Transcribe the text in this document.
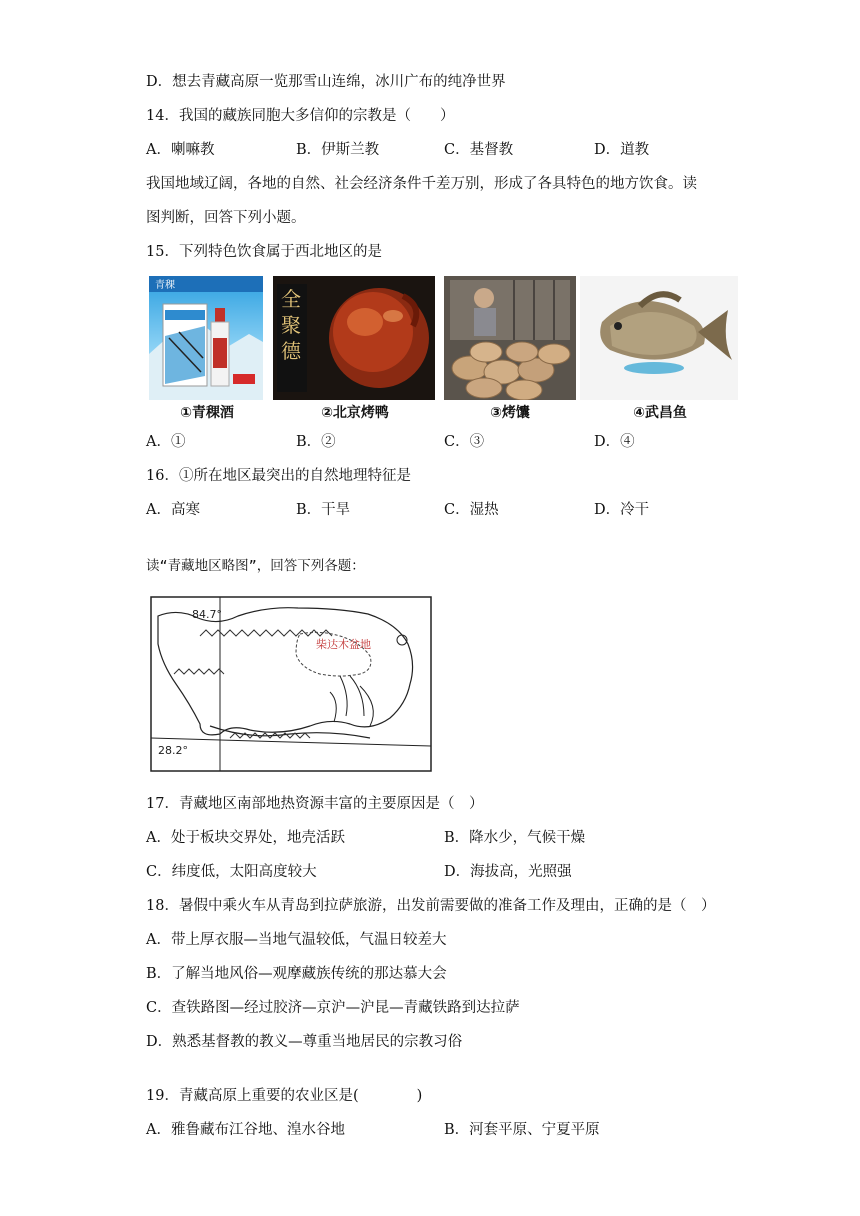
D．想去青藏高原一览那雪山连绵，冰川广布的纯净世界
14．我国的藏族同胞大多信仰的宗教是（　　）
A．喇嘛教	B．伊斯兰教	C．基督教	D．道教
我国地域辽阔，各地的自然、社会经济条件千差万别，形成了各具特色的地方饮食。读
图判断，回答下列小题。
15．下列特色饮食属于西北地区的是
青稞
①青稞酒
全
聚
德
②北京烤鸭	③烤馕	④武昌鱼
A．①	B．②	C．③	D．④
16．①所在地区最突出的自然地理特征是
A．高寒	B．干旱	C．湿热	D．冷干
读“青藏地区略图”，回答下列各题：
柴达木盆地
84.7°
28.2°
17．青藏地区南部地热资源丰富的主要原因是（　）
A．处于板块交界处，地壳活跃	B．降水少，气候干燥
C．纬度低，太阳高度较大	D．海拔高，光照强
18．暑假中乘火车从青岛到拉萨旅游，出发前需要做的准备工作及理由，正确的是（　）
A．带上厚衣服—当地气温较低，气温日较差大
B．了解当地风俗—观摩藏族传统的那达慕大会
C．查铁路图—经过胶济—京沪—沪昆—青藏铁路到达拉萨
D．熟悉基督教的教义—尊重当地居民的宗教习俗
19．青藏高原上重要的农业区是(　　　　)
A．雅鲁藏布江谷地、湟水谷地	B．河套平原、宁夏平原
